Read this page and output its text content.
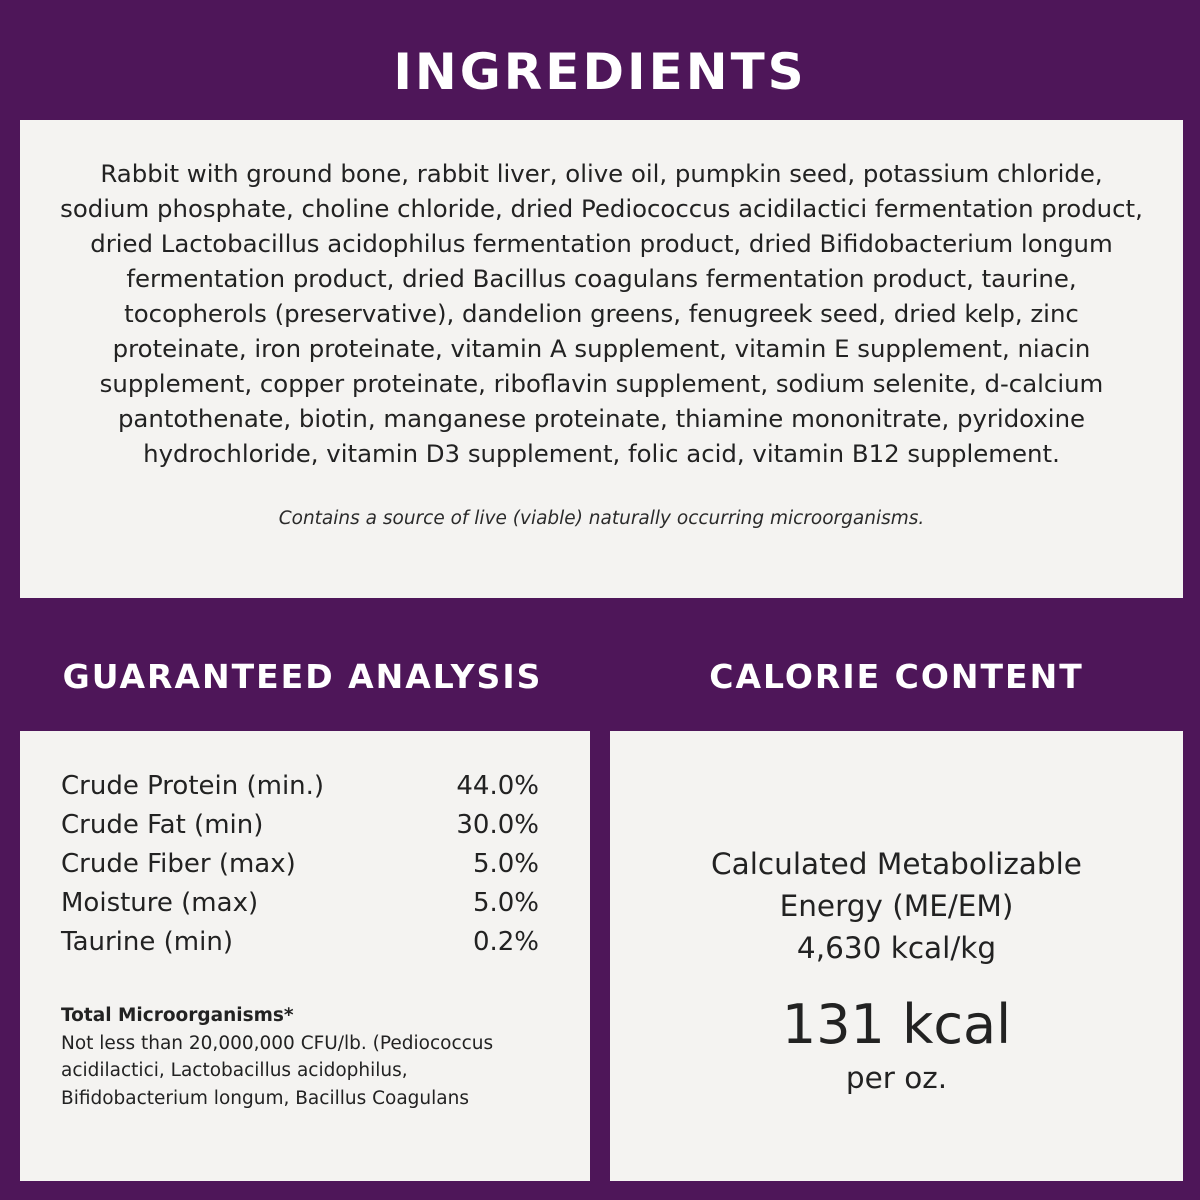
INGREDIENTS

Rabbit with ground bone, rabbit liver, olive oil, pumpkin seed, potassium chloride, sodium phosphate, choline chloride, dried Pediococcus acidilactici fermentation product, dried Lactobacillus acidophilus fermentation product, dried Bifidobacterium longum fermentation product, dried Bacillus coagulans fermentation product, taurine, tocopherols (preservative), dandelion greens, fenugreek seed, dried kelp, zinc proteinate, iron proteinate, vitamin A supplement, vitamin E supplement, niacin supplement, copper proteinate, riboflavin supplement, sodium selenite, d-calcium pantothenate, biotin, manganese proteinate, thiamine mononitrate, pyridoxine hydrochloride, vitamin D3 supplement, folic acid, vitamin B12 supplement.

Contains a source of live (viable) naturally occurring microorganisms.
GUARANTEED ANALYSIS	CALORIE CONTENT
Crude Protein (min.)	44.0%
Crude Fat (min)	30.0%
Crude Fiber (max)	5.0%
Moisture (max)	5.0%
Taurine (min)	0.2%
Total Microorganisms*
Not less than 20,000,000 CFU/lb. (Pediococcus acidilactici, Lactobacillus acidophilus, Bifidobacterium longum, Bacillus Coagulans
Calculated Metabolizable
Energy (ME/EM)
4,630 kcal/kg
131 kcal
per oz.
